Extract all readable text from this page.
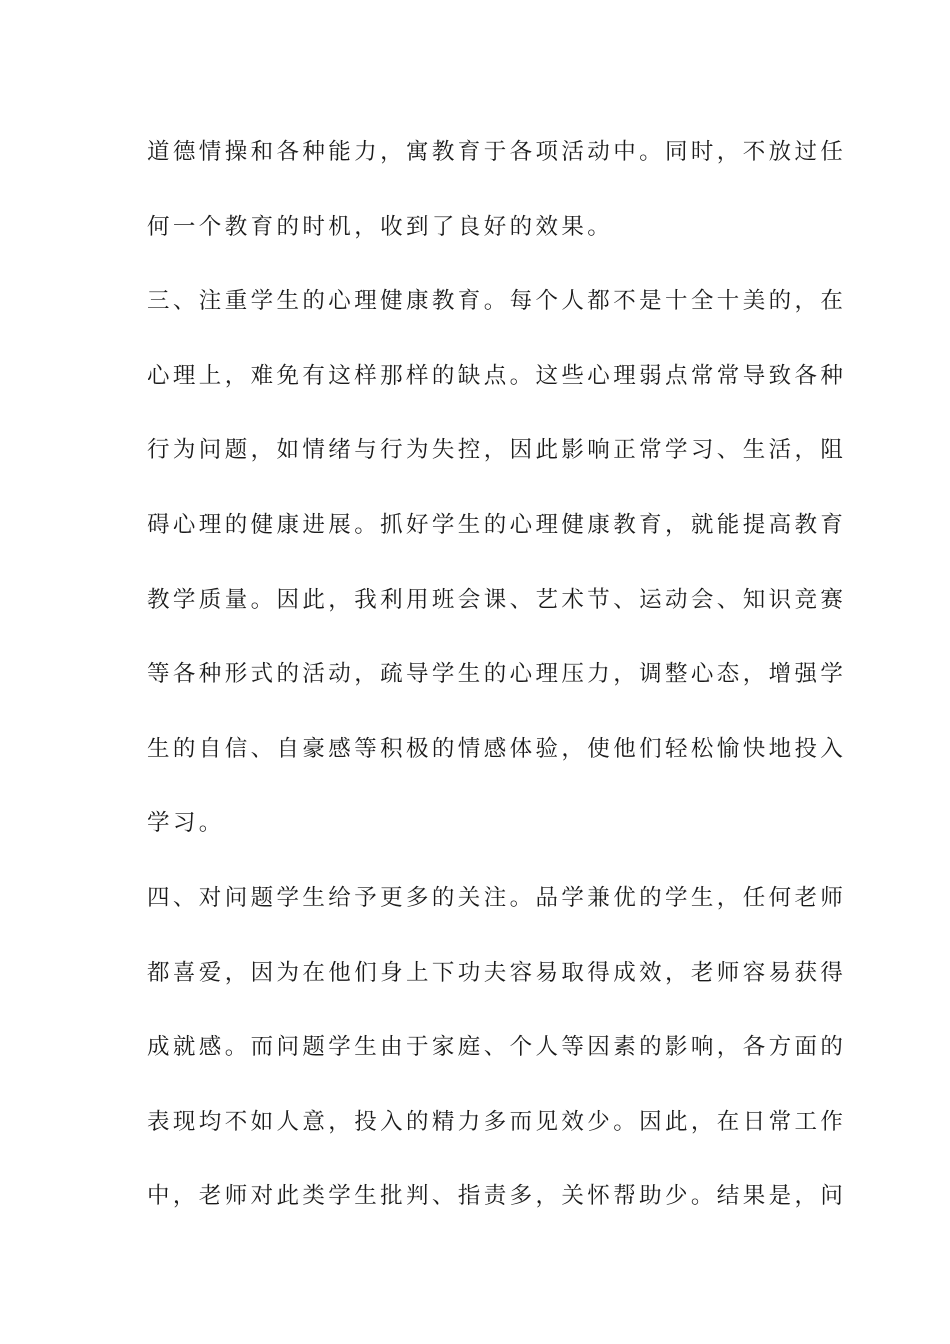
道德情操和各种能力，寓教育于各项活动中。同时，不放过任
何一个教育的时机，收到了良好的效果。
三、注重学生的心理健康教育。每个人都不是十全十美的，在
心理上，难免有这样那样的缺点。这些心理弱点常常导致各种
行为问题，如情绪与行为失控，因此影响正常学习、生活，阻
碍心理的健康进展。抓好学生的心理健康教育，就能提高教育
教学质量。因此，我利用班会课、艺术节、运动会、知识竞赛
等各种形式的活动，疏导学生的心理压力，调整心态，增强学
生的自信、自豪感等积极的情感体验，使他们轻松愉快地投入
学习。
四、对问题学生给予更多的关注。品学兼优的学生，任何老师
都喜爱，因为在他们身上下功夫容易取得成效，老师容易获得
成就感。而问题学生由于家庭、个人等因素的影响，各方面的
表现均不如人意，投入的精力多而见效少。因此，在日常工作
中，老师对此类学生批判、指责多，关怀帮助少。结果是，问
